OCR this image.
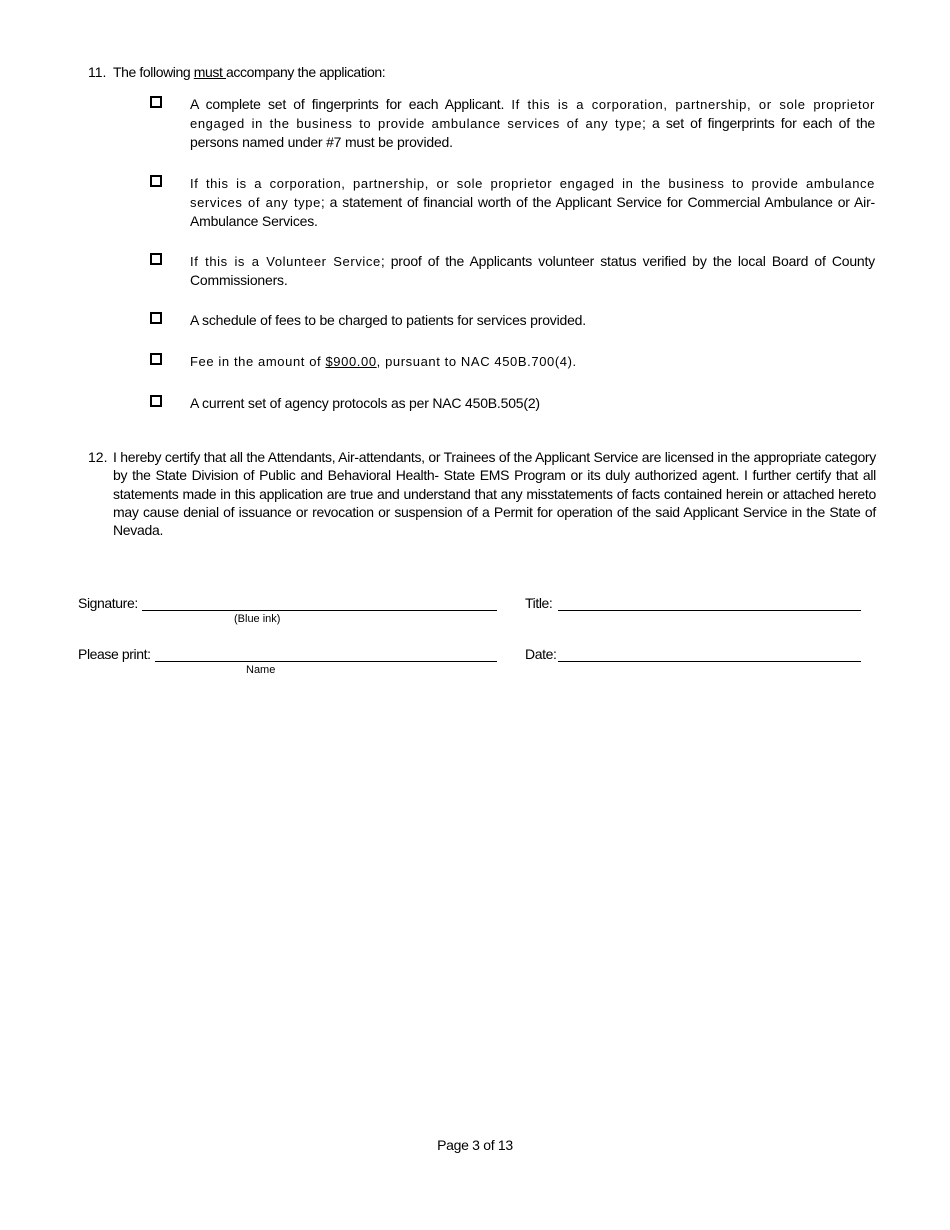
11. The following must accompany the application:
A complete set of fingerprints for each Applicant. If this is a corporation, partnership, or sole proprietor engaged in the business to provide ambulance services of any type; a set of fingerprints for each of the persons named under #7 must be provided.
If this is a corporation, partnership, or sole proprietor engaged in the business to provide ambulance services of any type; a statement of financial worth of the Applicant Service for Commercial Ambulance or Air-Ambulance Services.
If this is a Volunteer Service; proof of the Applicants volunteer status verified by the local Board of County Commissioners.
A schedule of fees to be charged to patients for services provided.
Fee in the amount of $900.00, pursuant to NAC 450B.700(4).
A current set of agency protocols as per NAC 450B.505(2)
12. I hereby certify that all the Attendants, Air-attendants, or Trainees of the Applicant Service are licensed in the appropriate category by the State Division of Public and Behavioral Health- State EMS Program or its duly authorized agent. I further certify that all statements made in this application are true and understand that any misstatements of facts contained herein or attached hereto may cause denial of issuance or revocation or suspension of a Permit for operation of the said Applicant Service in the State of Nevada.
Signature:
(Blue ink)
Title:
Please print:
Name
Date:
Page 3 of 13
